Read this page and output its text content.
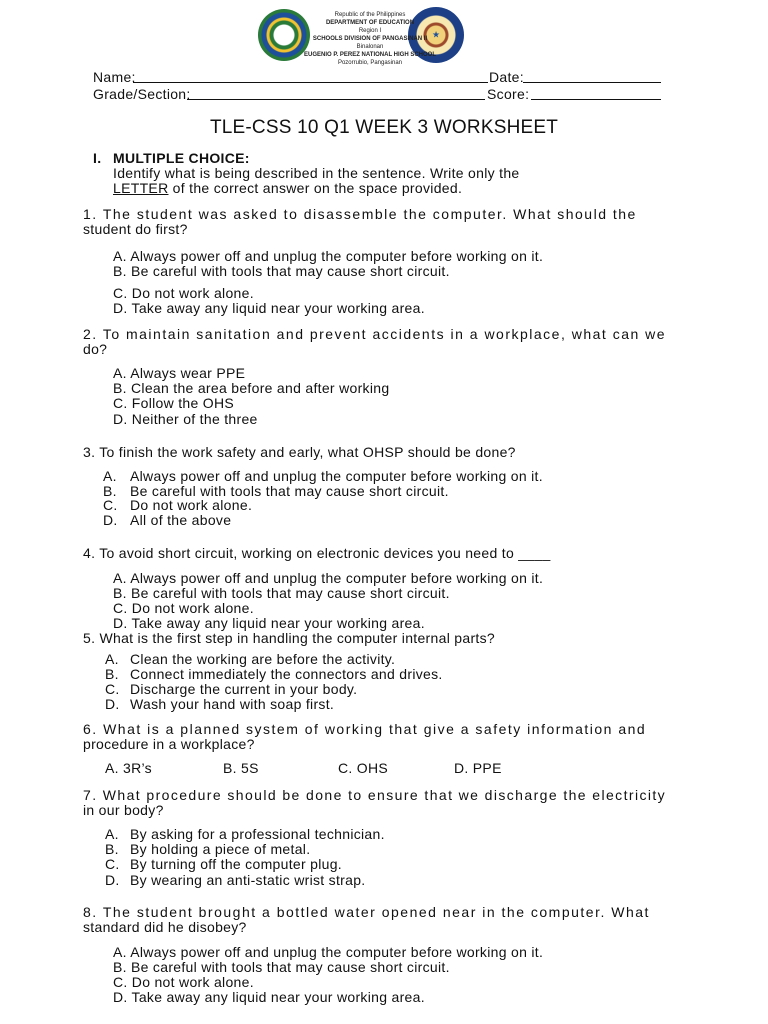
★
Republic of the Philippines
DEPARTMENT OF EDUCATION
Region I
SCHOOLS DIVISION OF PANGASINAN II
Binalonan
EUGENIO P. PEREZ NATIONAL HIGH SCHOOL
Pozorrubio, Pangasinan
Name:	Date:
Grade/Section:	Score:
TLE-CSS 10 Q1 WEEK 3 WORKSHEET
I. MULTIPLE CHOICE:
Identify what is being described in the sentence. Write only the
LETTER of the correct answer on the space provided.
1. The student was asked to disassemble the computer. What should the
student do first?
A. Always power off and unplug the computer before working on it.
B. Be careful with tools that may cause short circuit.
C. Do not work alone.
D. Take away any liquid near your working area.
2. To maintain sanitation and prevent accidents in a workplace, what can we
do?
A. Always wear PPE
B. Clean the area before and after working
C. Follow the OHS
D. Neither of the three
3. To finish the work safety and early, what OHSP should be done?
A. Always power off and unplug the computer before working on it.
B. Be careful with tools that may cause short circuit.
C. Do not work alone.
D. All of the above
4. To avoid short circuit, working on electronic devices you need to ____
A. Always power off and unplug the computer before working on it.
B. Be careful with tools that may cause short circuit.
C. Do not work alone.
D. Take away any liquid near your working area.
5. What is the first step in handling the computer internal parts?
A. Clean the working are before the activity.
B. Connect immediately the connectors and drives.
C. Discharge the current in your body.
D. Wash your hand with soap first.
6. What is a planned system of working that give a safety information and
procedure in a workplace?
A. 3R’s	B. 5S	C. OHS	D. PPE
7. What procedure should be done to ensure that we discharge the electricity
in our body?
A. By asking for a professional technician.
B. By holding a piece of metal.
C. By turning off the computer plug.
D. By wearing an anti-static wrist strap.
8. The student brought a bottled water opened near in the computer. What
standard did he disobey?
A. Always power off and unplug the computer before working on it.
B. Be careful with tools that may cause short circuit.
C. Do not work alone.
D. Take away any liquid near your working area.
